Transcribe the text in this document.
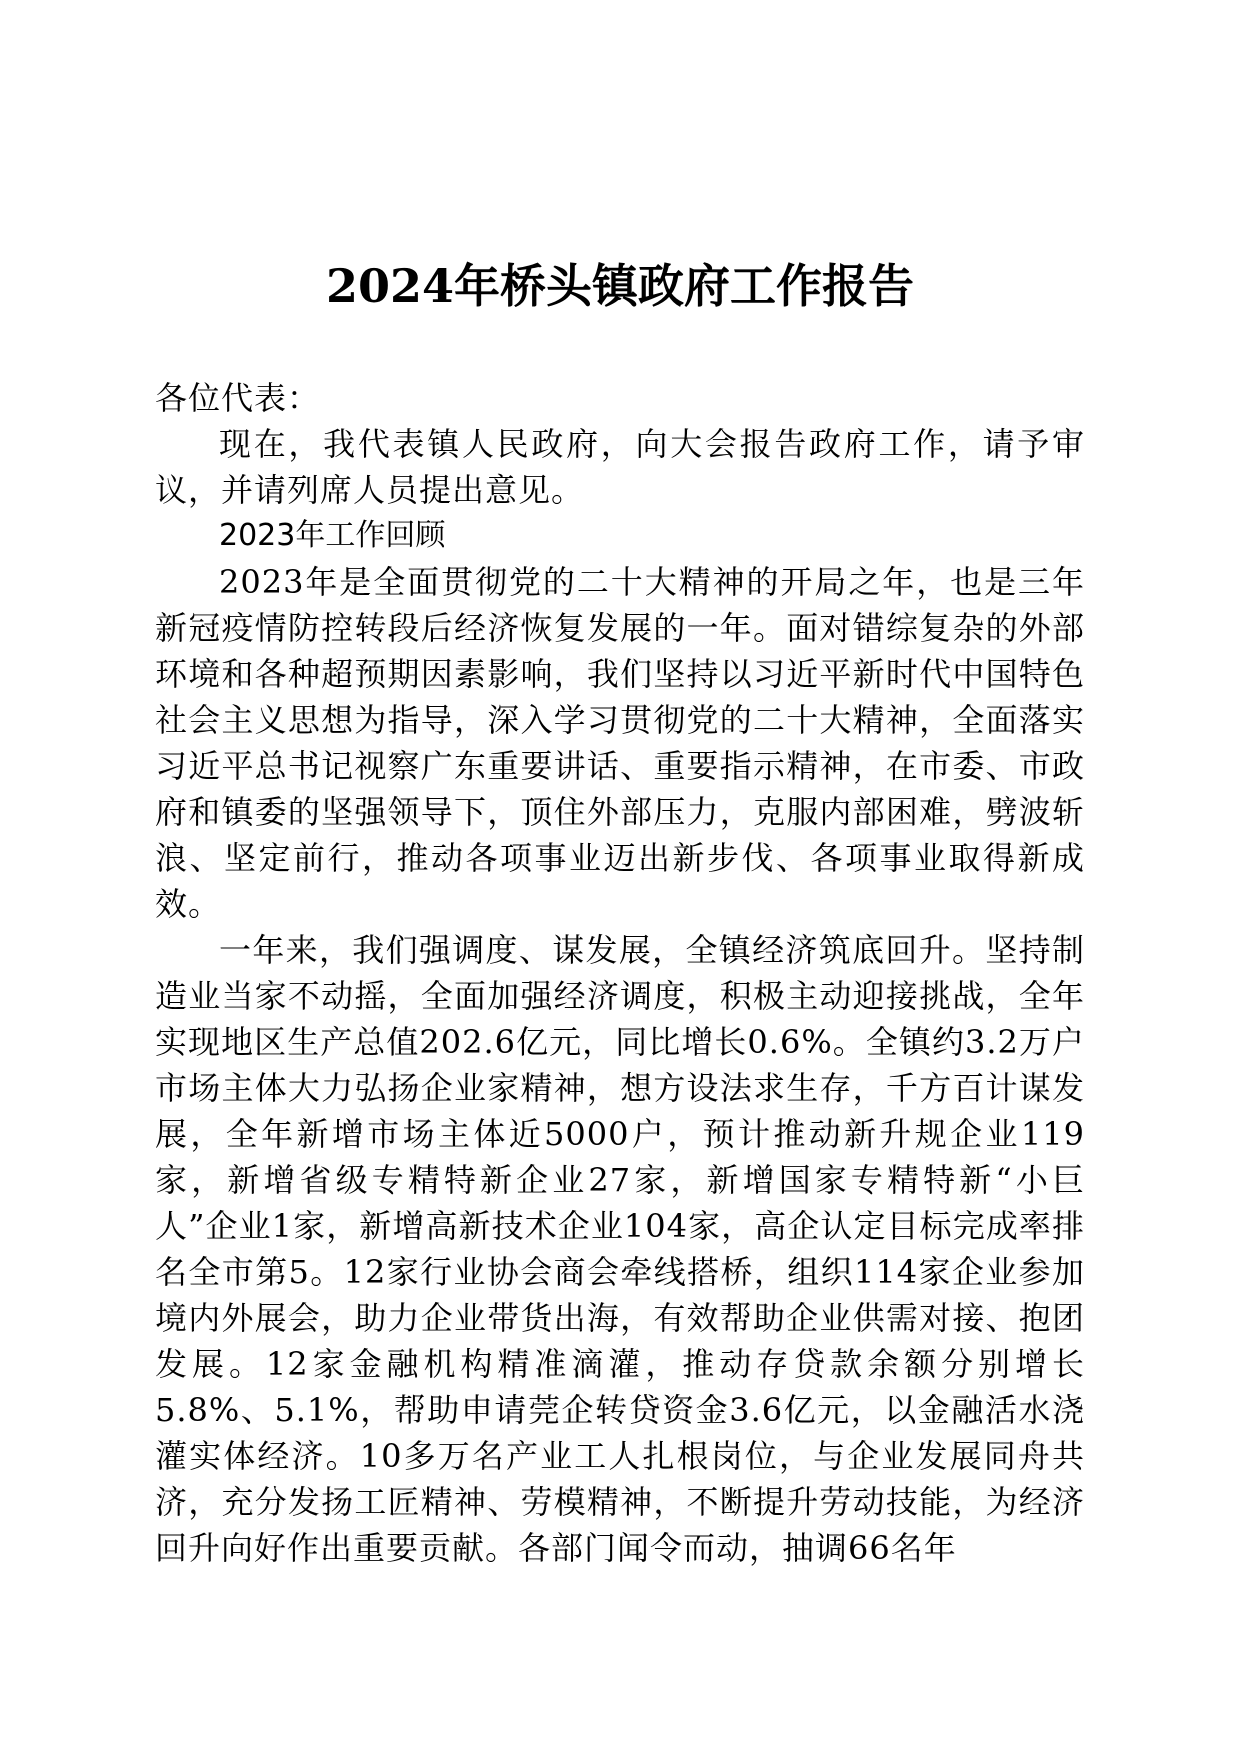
2024年桥头镇政府工作报告

各位代表：

现在，我代表镇人民政府，向大会报告政府工作，请予审议，并请列席人员提出意见。

2023年工作回顾

2023年是全面贯彻党的二十大精神的开局之年，也是三年新冠疫情防控转段后经济恢复发展的一年。面对错综复杂的外部环境和各种超预期因素影响，我们坚持以习近平新时代中国特色社会主义思想为指导，深入学习贯彻党的二十大精神，全面落实习近平总书记视察广东重要讲话、重要指示精神，在市委、市政府和镇委的坚强领导下，顶住外部压力，克服内部困难，劈波斩浪、坚定前行，推动各项事业迈出新步伐、各项事业取得新成效。

一年来，我们强调度、谋发展，全镇经济筑底回升。坚持制造业当家不动摇，全面加强经济调度，积极主动迎接挑战，全年实现地区生产总值202.6亿元，同比增长0.6%。全镇约3.2万户市场主体大力弘扬企业家精神，想方设法求生存，千方百计谋发展，全年新增市场主体近5000户，预计推动新升规企业119家，新增省级专精特新企业27家，新增国家专精特新“小巨人”企业1家，新增高新技术企业104家，高企认定目标完成率排名全市第5。12家行业协会商会牵线搭桥，组织114家企业参加境内外展会，助力企业带货出海，有效帮助企业供需对接、抱团发展。12家金融机构精准滴灌，推动存贷款余额分别增长5.8%、5.1%，帮助申请莞企转贷资金3.6亿元，以金融活水浇灌实体经济。10多万名产业工人扎根岗位，与企业发展同舟共济，充分发扬工匠精神、劳模精神，不断提升劳动技能，为经济回升向好作出重要贡献。各部门闻令而动，抽调66名年
